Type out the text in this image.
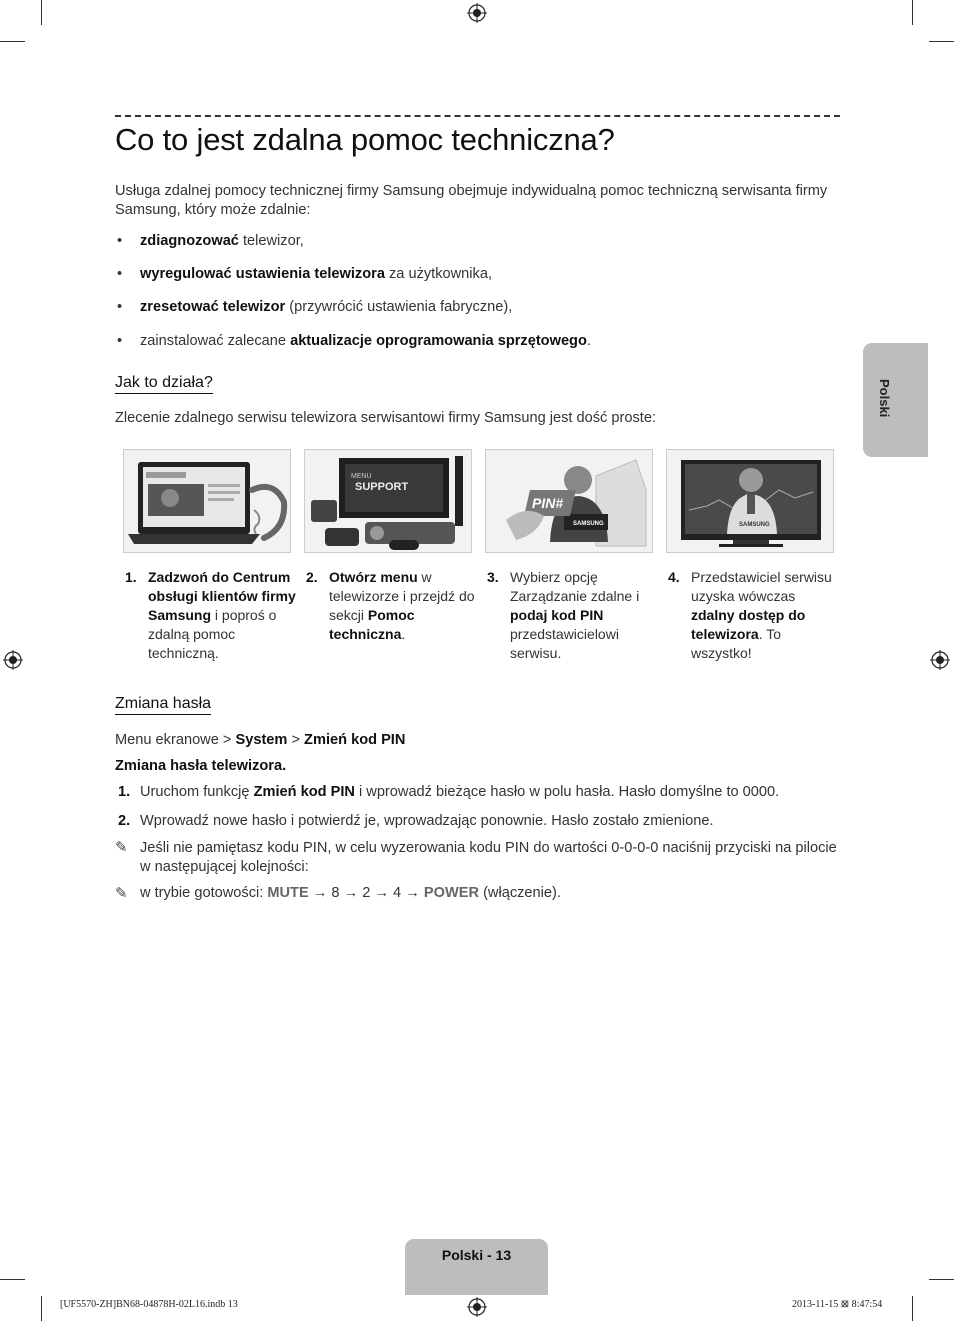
Co to jest zdalna pomoc techniczna?
Usługa zdalnej pomocy technicznej firmy Samsung obejmuje indywidualną pomoc techniczną serwisanta firmy Samsung, który może zdalnie:
• zdiagnozować telewizor,
• wyregulować ustawienia telewizora za użytkownika,
• zresetować telewizor (przywrócić ustawienia fabryczne),
• zainstalować zalecane aktualizacje oprogramowania sprzętowego.
Jak to działa?
Zlecenie zdalnego serwisu telewizora serwisantowi firmy Samsung jest dość proste:
MENU
SUPPORT
SAMSUNG
PIN#
SAMSUNG
1. Zadzwoń do Centrum obsługi klientów firmy Samsung i poproś o zdalną pomoc techniczną.
2. Otwórz menu w telewizorze i przejdź do sekcji Pomoc techniczna.
3. Wybierz opcję Zarządzanie zdalne i podaj kod PIN przedstawicielowi serwisu.
4. Przedstawiciel serwisu uzyska wówczas zdalny dostęp do telewizora. To wszystko!
Zmiana hasła
Menu ekranowe > System > Zmień kod PIN
Zmiana hasła telewizora.
1. Uruchom funkcję Zmień kod PIN i wprowadź bieżące hasło w polu hasła. Hasło domyślne to 0000.
2. Wprowadź nowe hasło i potwierdź je, wprowadzając ponownie. Hasło zostało zmienione.
✎ Jeśli nie pamiętasz kodu PIN, w celu wyzerowania kodu PIN do wartości 0-0-0-0 naciśnij przyciski na pilocie w następującej kolejności:
✎ w trybie gotowości: MUTE → 8 → 2 → 4 → POWER (włączenie).
Polski
Polski - 13
[UF5570-ZH]BN68-04878H-02L16.indb 13	2013-11-15 ⊠ 8:47:54
